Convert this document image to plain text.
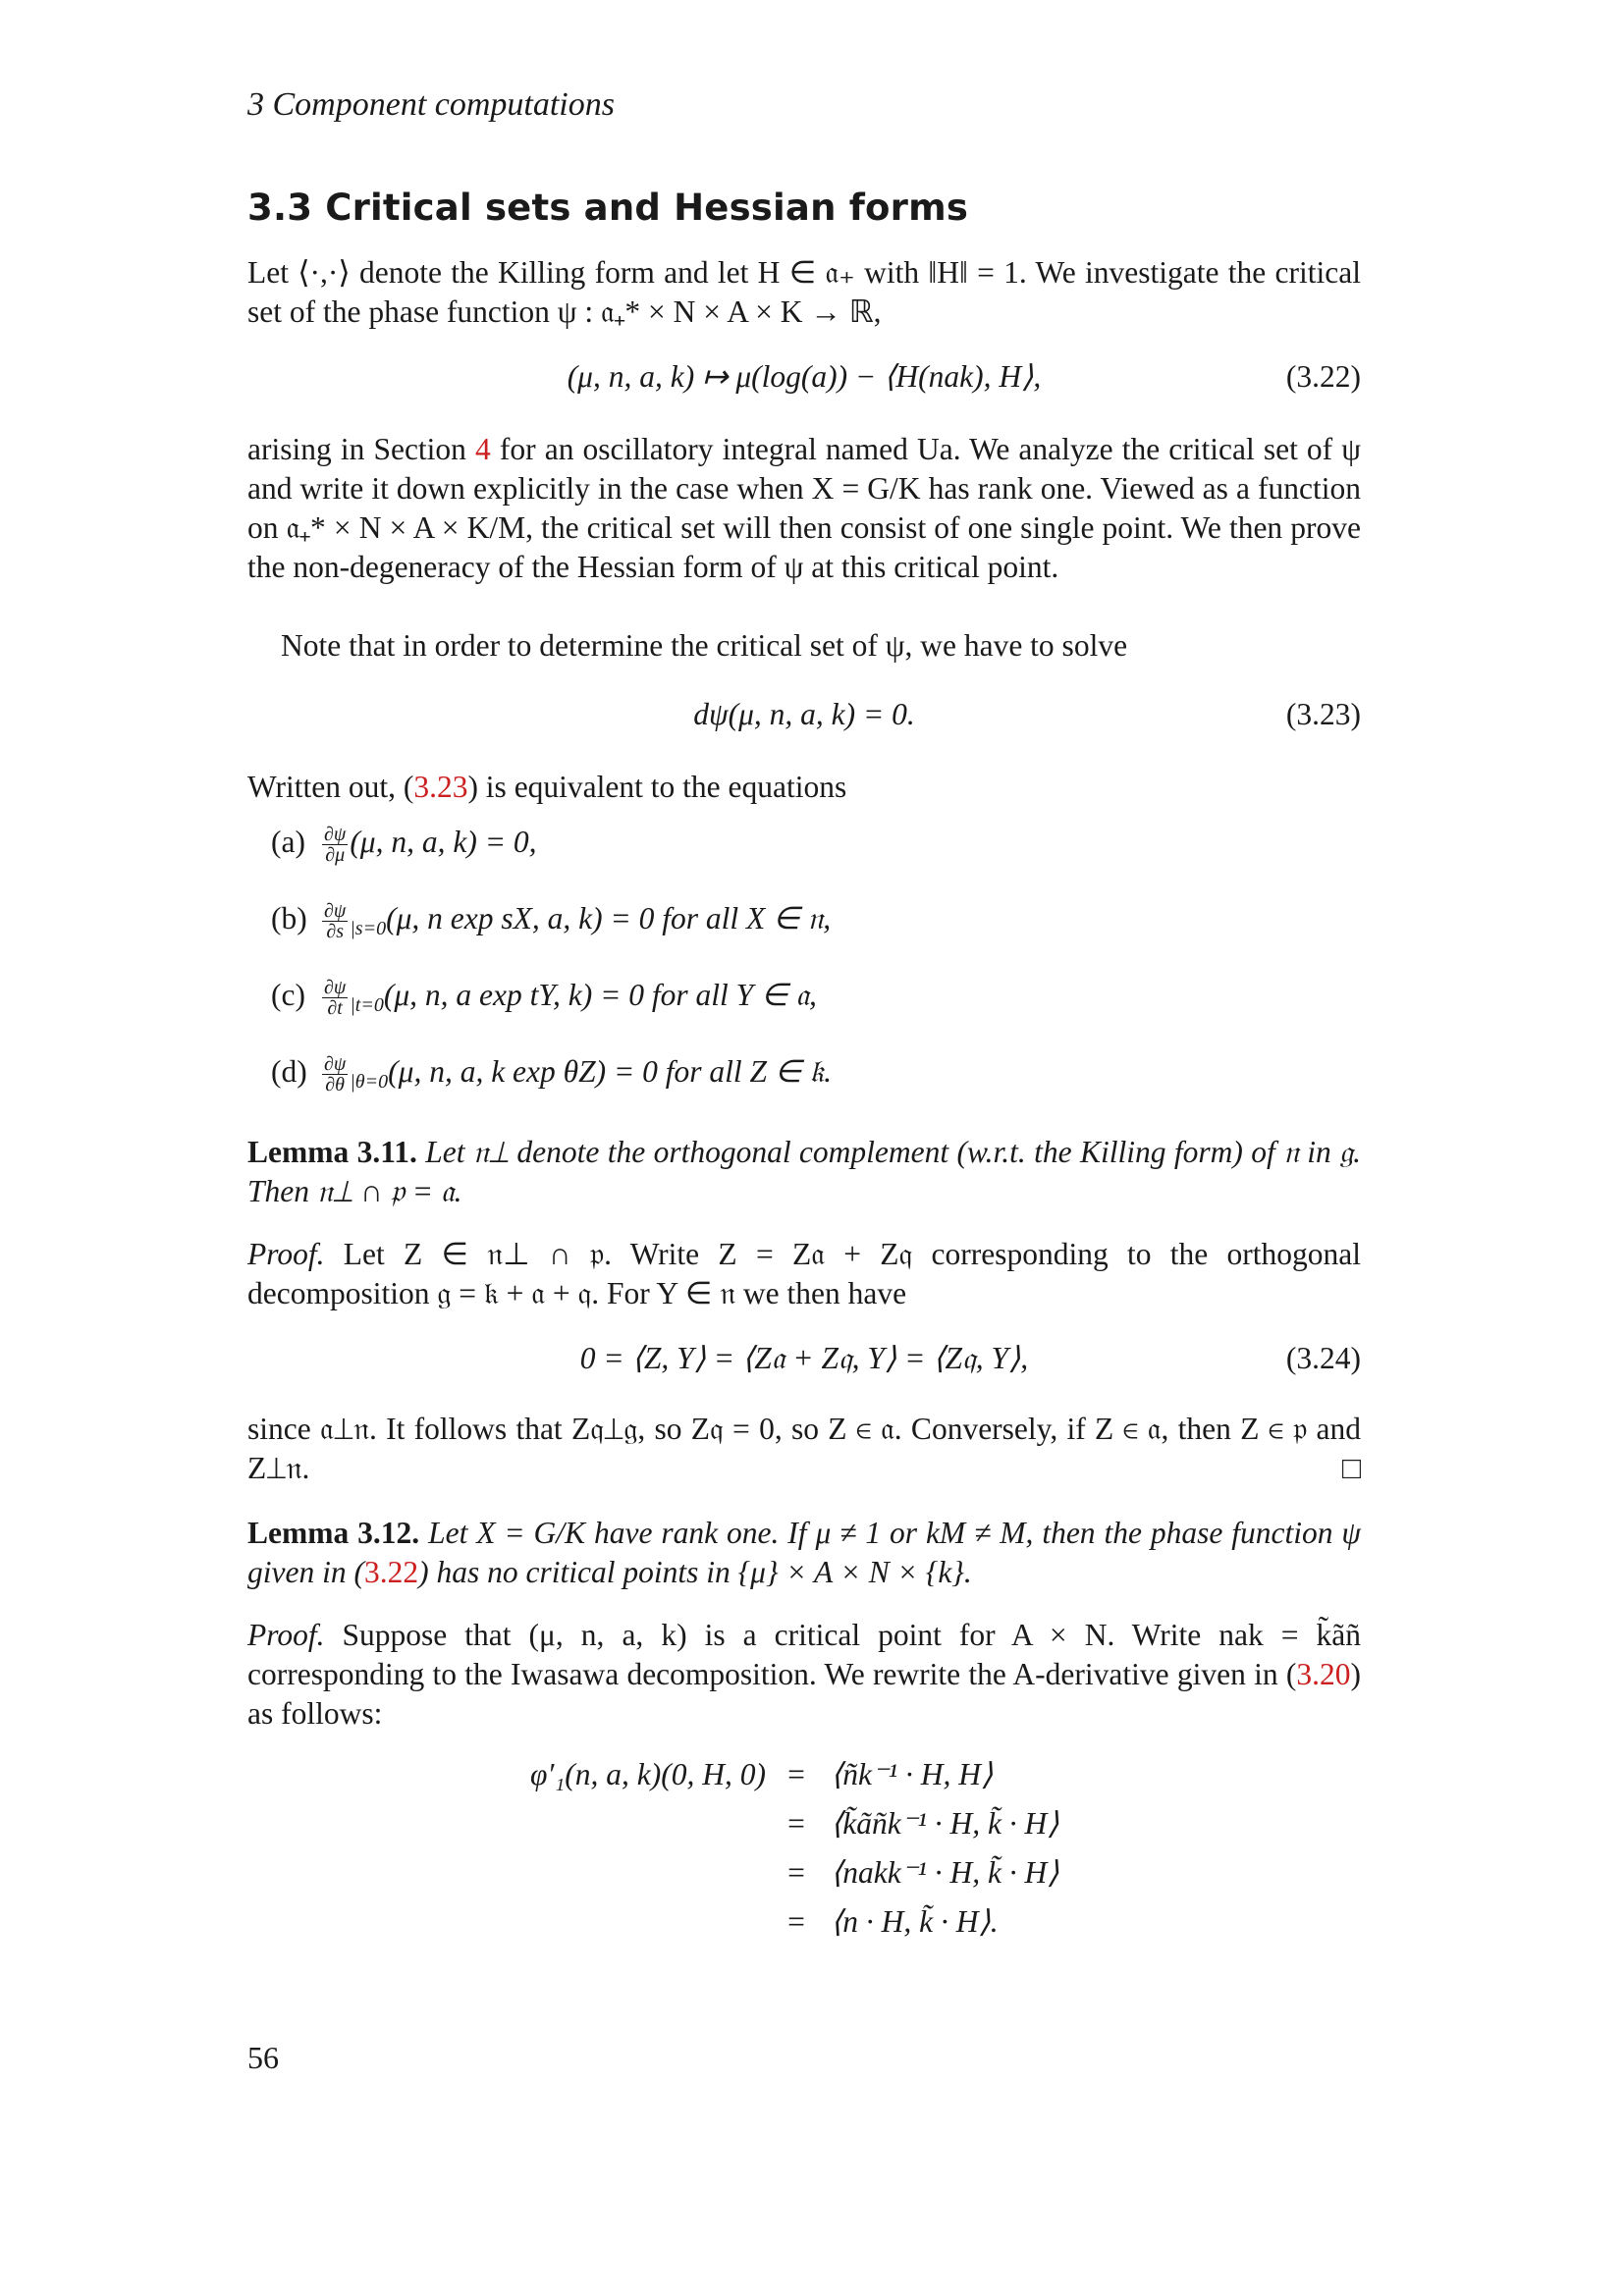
3 Component computations
3.3 Critical sets and Hessian forms
Let ⟨·,·⟩ denote the Killing form and let H ∈ 𝔞₊ with ‖H‖ = 1. We investigate the critical set of the phase function ψ : 𝔞₊* × N × A × K → ℝ,
(μ, n, a, k) ↦ μ(log(a)) − ⟨H(nak), H⟩,	(3.22)
arising in Section 4 for an oscillatory integral named Ua. We analyze the critical set of ψ and write it down explicitly in the case when X = G/K has rank one. Viewed as a function on 𝔞₊* × N × A × K/M, the critical set will then consist of one single point. We then prove the non-degeneracy of the Hessian form of ψ at this critical point.
Note that in order to determine the critical set of ψ, we have to solve
dψ(μ, n, a, k) = 0.	(3.23)
Written out, (3.23) is equivalent to the equations
$(a) \frac{\partial\psi}{\partial\mu} (\mu$, n, a, k) = 0,
$(b) \frac{\partial\psi}{\partial s} _{|s=0}(\mu$, n exp sX, a, k) = 0 for all X ∈ 𝔫,
$(c) \frac{\partial\psi}{\partial t} _{|t=0}(\mu$, n, a exp tY, k) = 0 for all Y ∈ 𝔞,
$(d) \frac{\partial\psi}{\partial\theta} _{|\theta=0}(\mu$, n, a, k exp θZ) = 0 for all Z ∈ 𝔨.
Lemma 3.11. Let 𝔫⊥ denote the orthogonal complement (w.r.t. the Killing form) of 𝔫 in 𝔤. Then 𝔫⊥ ∩ 𝔭 = 𝔞.
Proof. Let Z ∈ 𝔫⊥ ∩ 𝔭. Write Z = Z𝔞 + Z𝔮 corresponding to the orthogonal decomposition 𝔤 = 𝔨 + 𝔞 + 𝔮. For Y ∈ 𝔫 we then have
0 = ⟨Z, Y⟩ = ⟨Z𝔞 + Z𝔮, Y⟩ = ⟨Z𝔮, Y⟩,	(3.24)
since 𝔞⊥𝔫. It follows that Z𝔮⊥𝔤, so Z𝔮 = 0, so Z ∈ 𝔞. Conversely, if Z ∈ 𝔞, then Z ∈ 𝔭 and Z⊥𝔫.	□
Lemma 3.12. Let X = G/K have rank one. If μ ≠ 1 or kM ≠ M, then the phase function ψ given in (3.22) has no critical points in {μ} × A × N × {k}.
Proof. Suppose that (μ, n, a, k) is a critical point for A × N. Write nak = k̃ãñ corresponding to the Iwasawa decomposition. We rewrite the A-derivative given in (3.20) as follows:
φ′₁(n, a, k)(0, H, 0) = ⟨ñk⁻¹ · H, H⟩
= ⟨k̃ãñk⁻¹ · H, k̃ · H⟩
= ⟨nakk⁻¹ · H, k̃ · H⟩
= ⟨n · H, k̃ · H⟩.
56
